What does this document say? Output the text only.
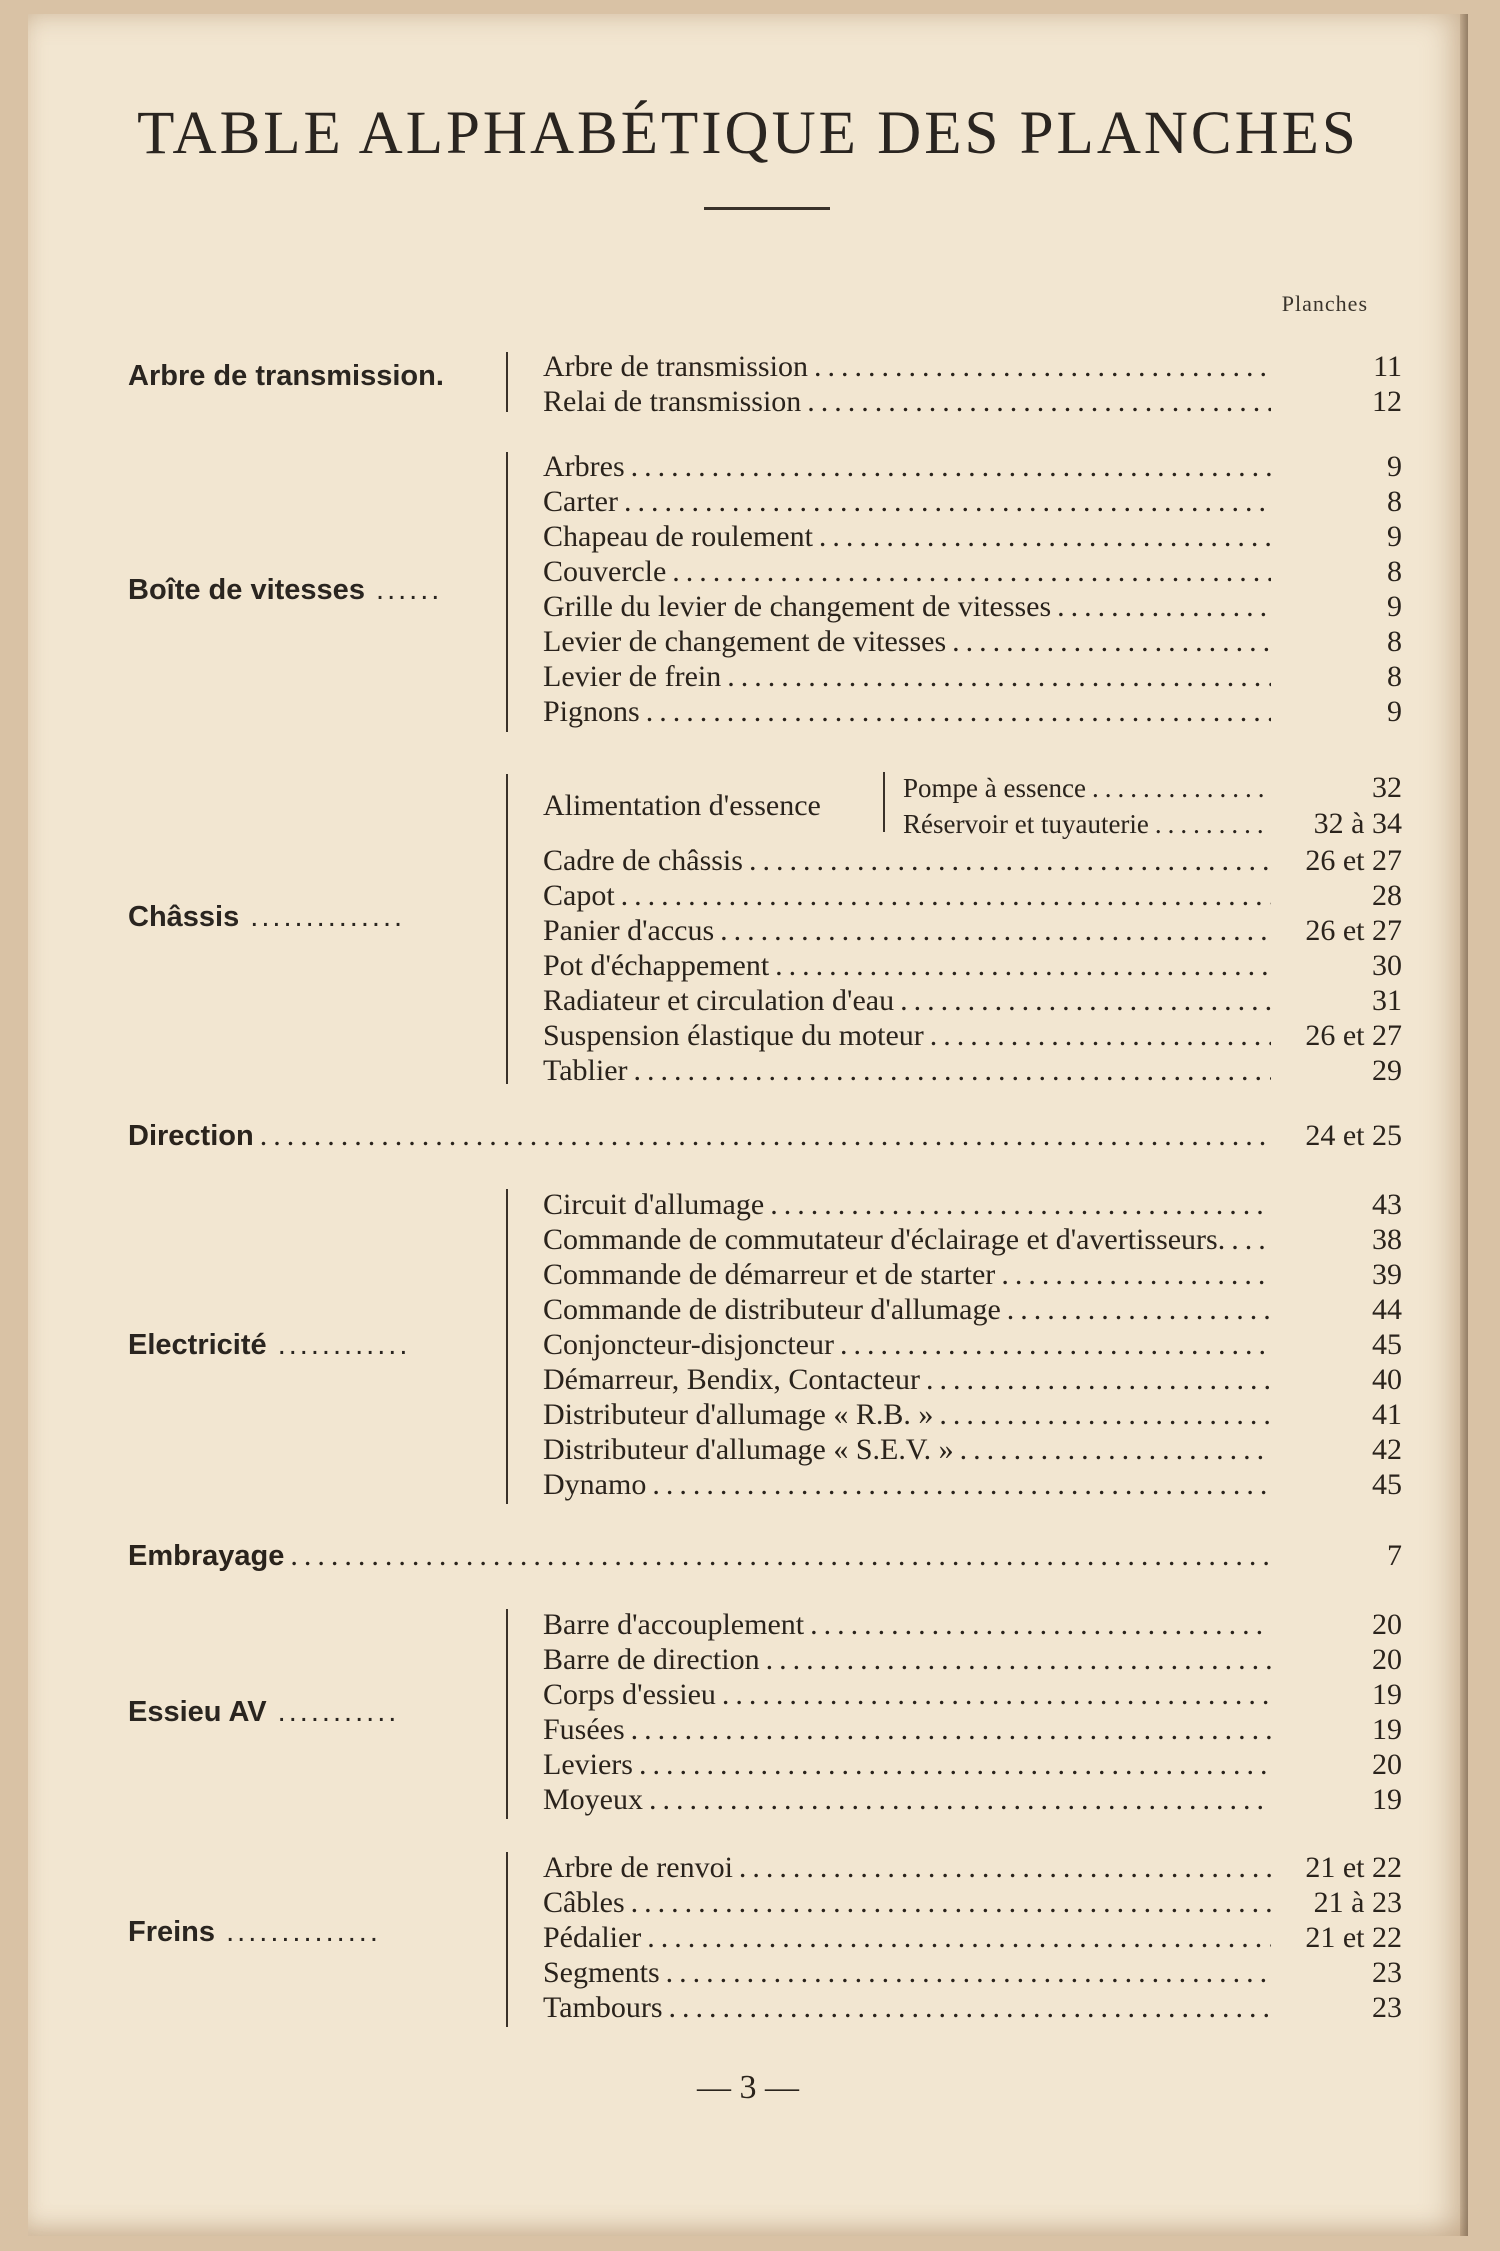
TABLE ALPHABÉTIQUE DES PLANCHES
Planches
Arbre de transmission.	Arbre de transmission .....	11
Relai de transmission .....	12
Boîte de vitesses ......
Arbres .....	9
Carter .....	8
Chapeau de roulement .....	9
Couvercle .....	8
Grille du levier de changement de vitesses .....	9
Levier de changement de vitesses .....	8
Levier de frein .....	8
Pignons .....	9
Châssis ..............
Alimentation d'essence
Pompe à essence .....	32
Réservoir et tuyauterie .....	32 à 34
Cadre de châssis .....	26 et 27
Capot .....	28
Panier d'accus .....	26 et 27
Pot d'échappement .....	30
Radiateur et circulation d'eau .....	31
Suspension élastique du moteur .....	26 et 27
Tablier .....	29
Direction .....	24 et 25
Electricité ............
Circuit d'allumage .....	43
Commande de commutateur d'éclairage et d'avertisseurs. .....	38
Commande de démarreur et de starter .....	39
Commande de distributeur d'allumage .....	44
Conjoncteur-disjoncteur .....	45
Démarreur, Bendix, Contacteur .....	40
Distributeur d'allumage « R.B. » .....	41
Distributeur d'allumage « S.E.V. » .....	42
Dynamo .....	45
Embrayage .....	7
Essieu AV ...........
Barre d'accouplement .....	20
Barre de direction .....	20
Corps d'essieu .....	19
Fusées .....	19
Leviers .....	20
Moyeux .....	19
Freins ..............
Arbre de renvoi .....	21 et 22
Câbles .....	21 à 23
Pédalier .....	21 et 22
Segments .....	23
Tambours .....	23
— 3 —
